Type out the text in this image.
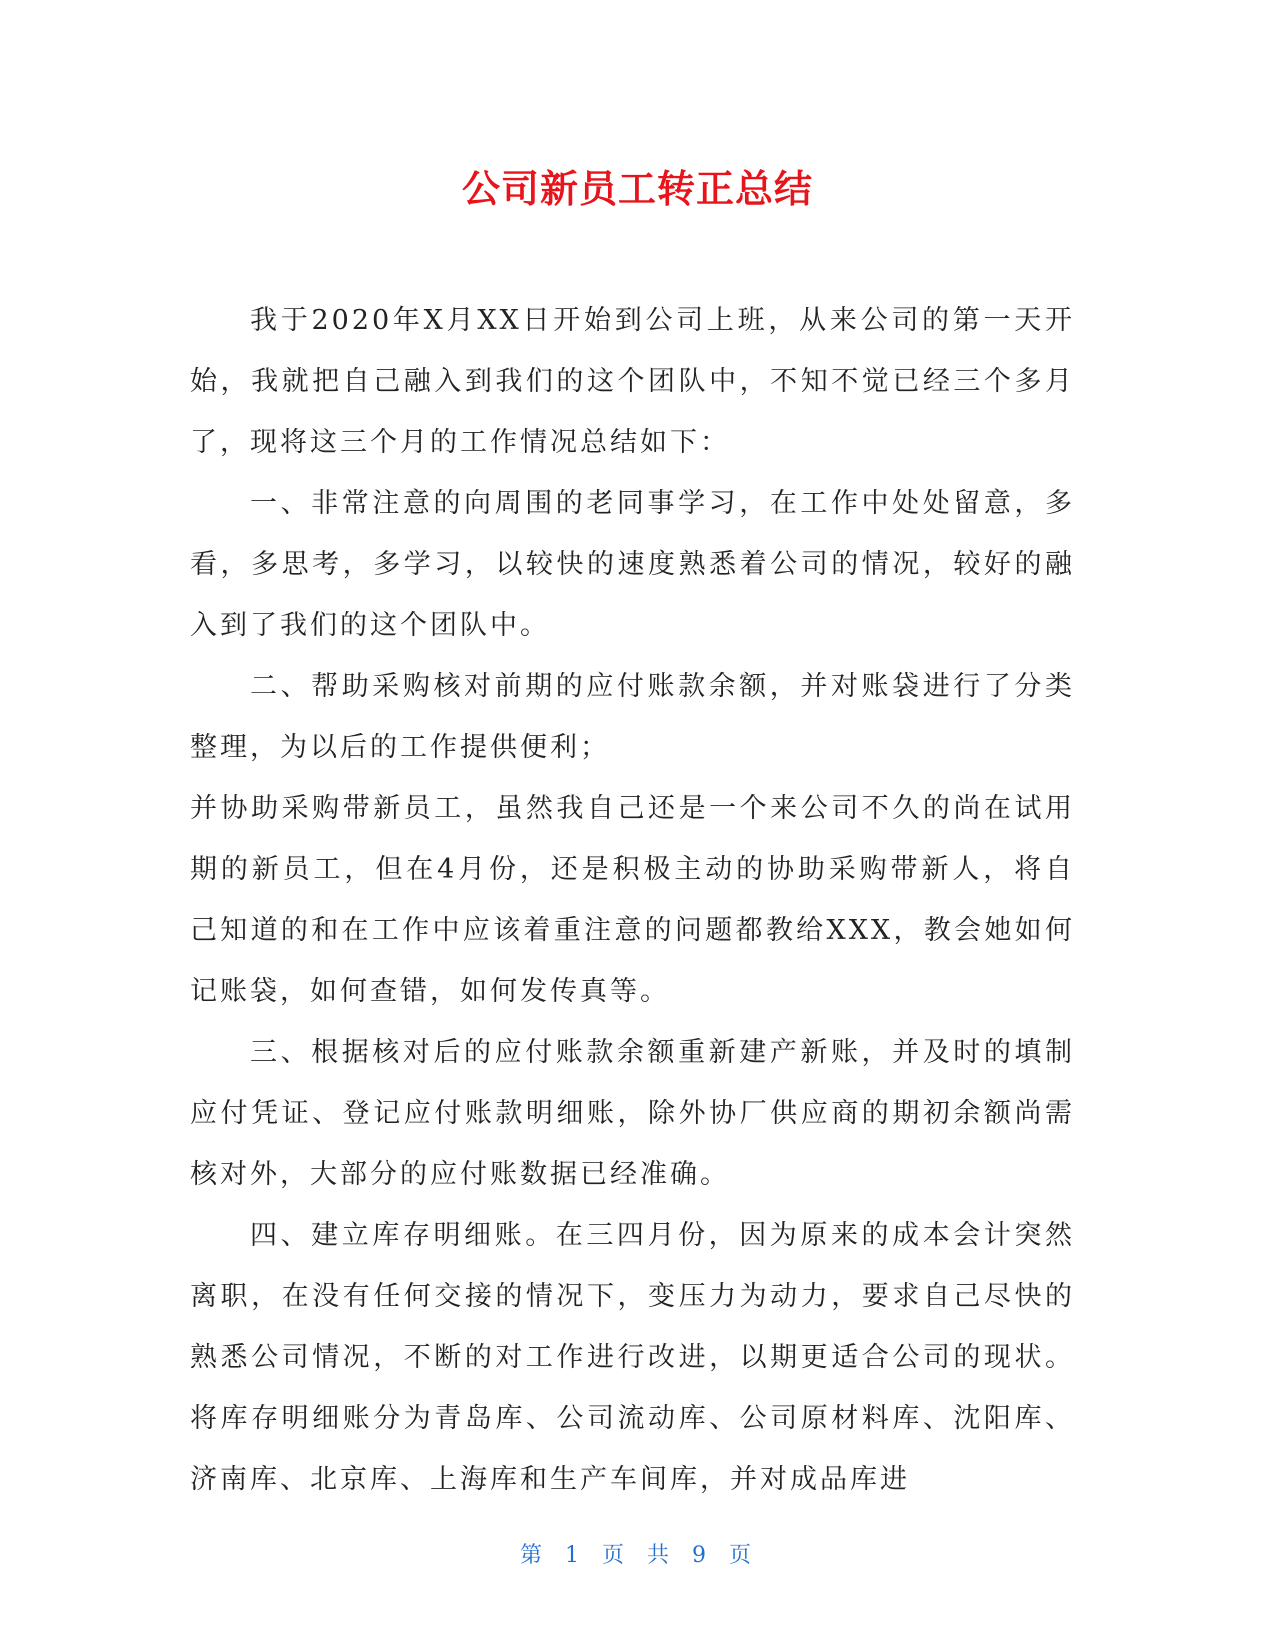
公司新员工转正总结

我于2020年X月XX日开始到公司上班，从来公司的第一天开始，我就把自己融入到我们的这个团队中，不知不觉已经三个多月了，现将这三个月的工作情况总结如下：

一、非常注意的向周围的老同事学习，在工作中处处留意，多看，多思考，多学习，以较快的速度熟悉着公司的情况，较好的融入到了我们的这个团队中。

二、帮助采购核对前期的应付账款余额，并对账袋进行了分类整理，为以后的工作提供便利；

并协助采购带新员工，虽然我自己还是一个来公司不久的尚在试用期的新员工，但在4月份，还是积极主动的协助采购带新人，将自己知道的和在工作中应该着重注意的问题都教给XXX，教会她如何记账袋，如何查错，如何发传真等。

三、根据核对后的应付账款余额重新建产新账，并及时的填制应付凭证、登记应付账款明细账，除外协厂供应商的期初余额尚需核对外，大部分的应付账数据已经准确。

四、建立库存明细账。在三四月份，因为原来的成本会计突然离职，在没有任何交接的情况下，变压力为动力，要求自己尽快的熟悉公司情况，不断的对工作进行改进，以期更适合公司的现状。将库存明细账分为青岛库、公司流动库、公司原材料库、沈阳库、济南库、北京库、上海库和生产车间库，并对成品库进

第 1 页 共 9 页
